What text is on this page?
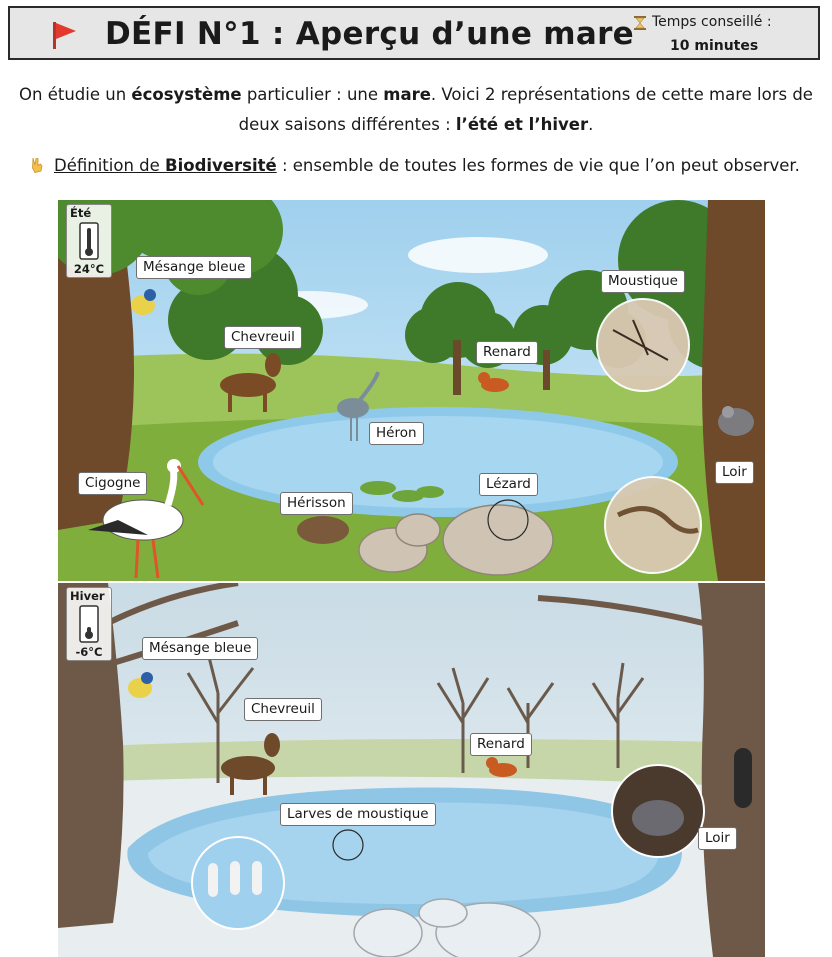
DÉFI N°1 : Aperçu d’une mare Temps conseillé :
10 minutes
On étudie un écosystème particulier : une mare. Voici 2 représentations de cette mare lors de deux saisons différentes : l’été et l’hiver.
Définition de Biodiversité : ensemble de toutes les formes de vie que l’on peut observer.
Été
24°C	Mésange bleue
Chevreuil
Moustique
Renard
Héron
Loir
Cigogne
Hérisson
Lézard
Hiver
-6°C	Mésange bleue
Chevreuil
Renard
Larves de moustique
Loir
